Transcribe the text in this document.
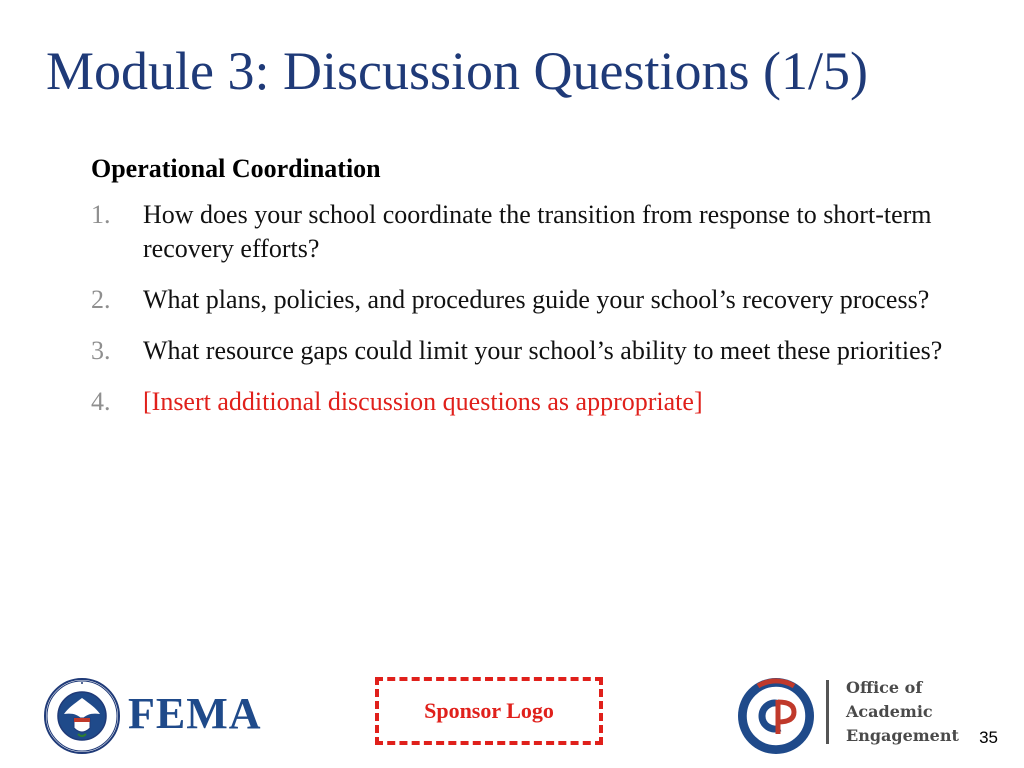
Module 3: Discussion Questions (1/5)
Operational Coordination
1.	How does your school coordinate the transition from response to short-term recovery efforts?
2.	What plans, policies, and procedures guide your school’s recovery process?
3.	What resource gaps could limit your school’s ability to meet these priorities?
4.	[Insert additional discussion questions as appropriate]
FEMA	Sponsor Logo
Office of
Academic
Engagement 35
